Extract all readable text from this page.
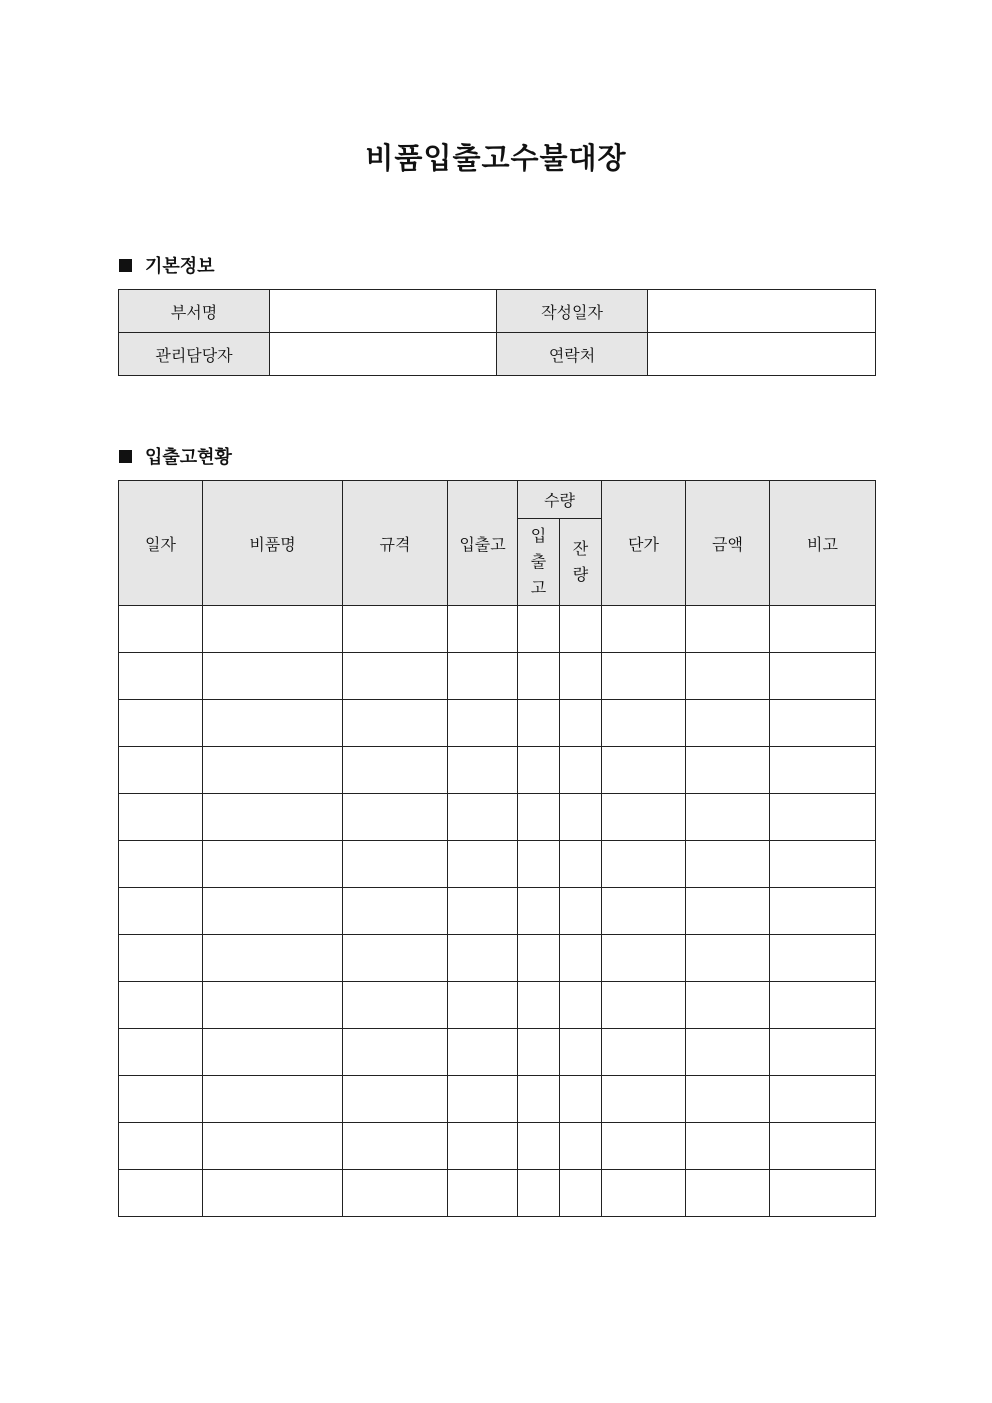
비품입출고수불대장
기본정보
부서명		작성일자	
관리담당자		연락처	
입출고현황
일자	비품명	규격	입출고	수량		단가	금액	비고
				입출고	잔량			
